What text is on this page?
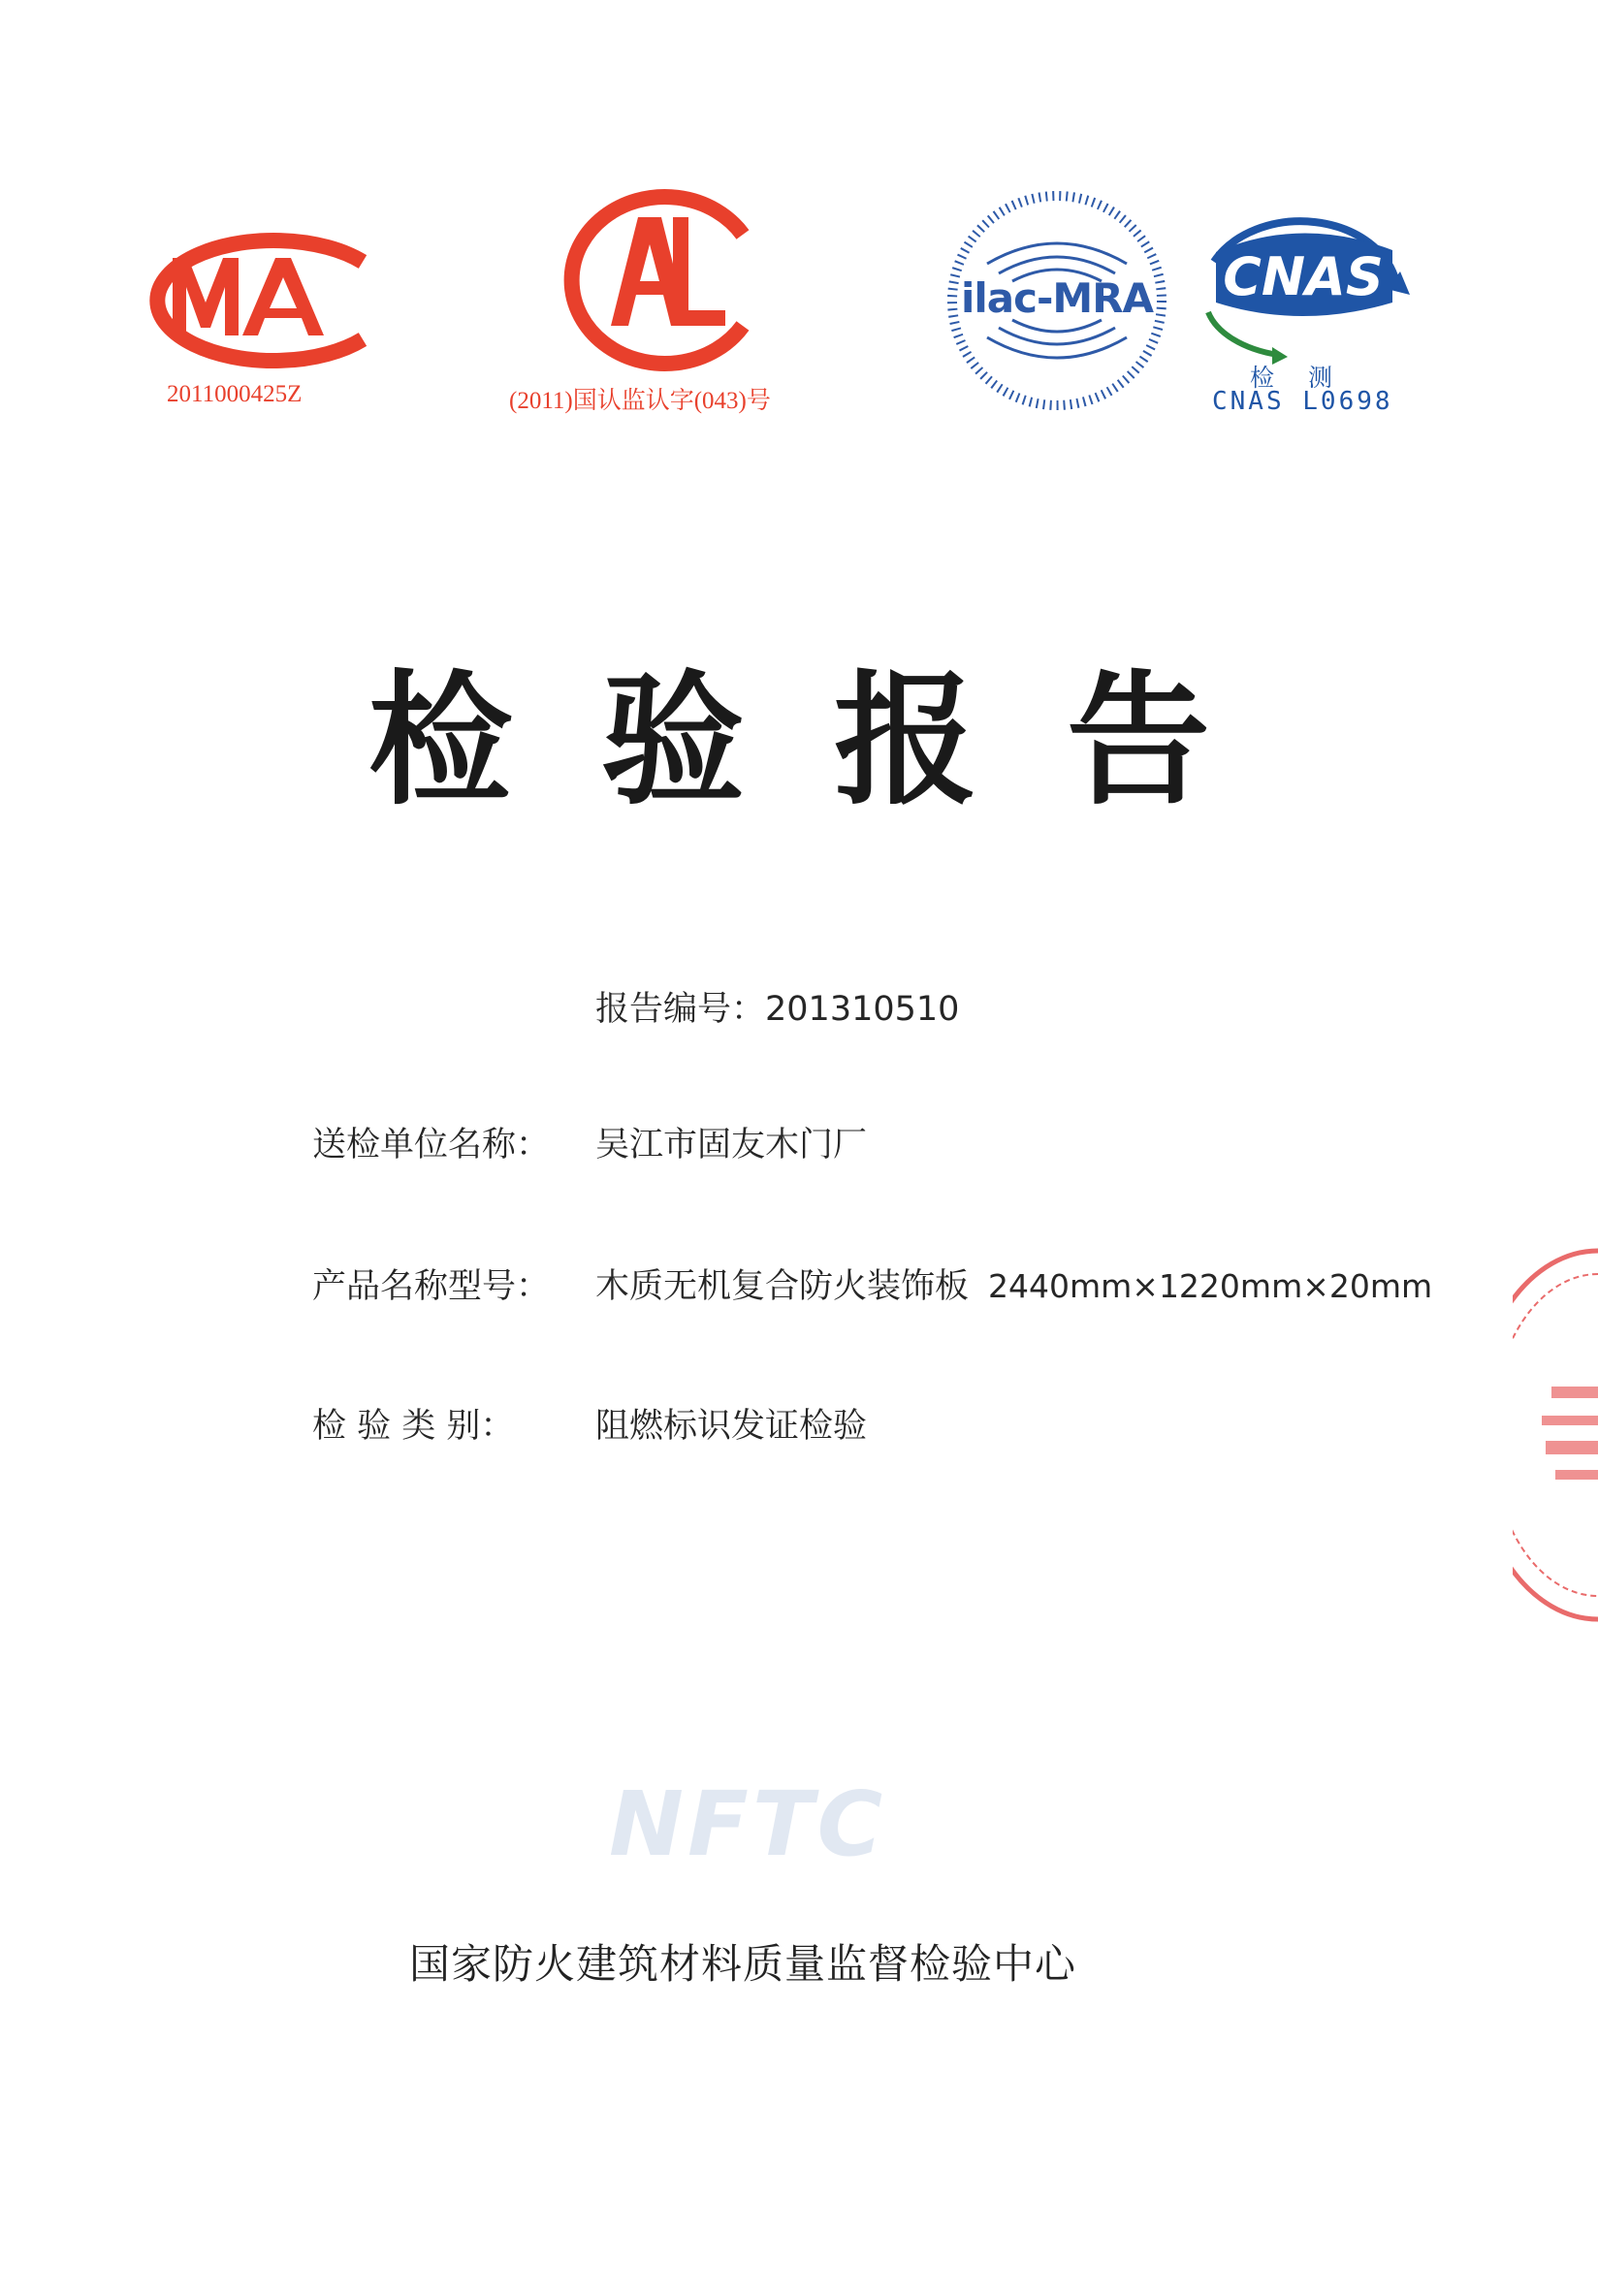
2011000425Z	(2011)国认监认字(043)号
ilac-MRA CNAS
检 测
CNAS L0698
检验报告
报告编号：201310510
送检单位名称： 吴江市固友木门厂
产品名称型号： 木质无机复合防火装饰板 2440mm×1220mm×20mm
检 验 类 别： 阻燃标识发证检验
NFTC
国家防火建筑材料质量监督检验中心
